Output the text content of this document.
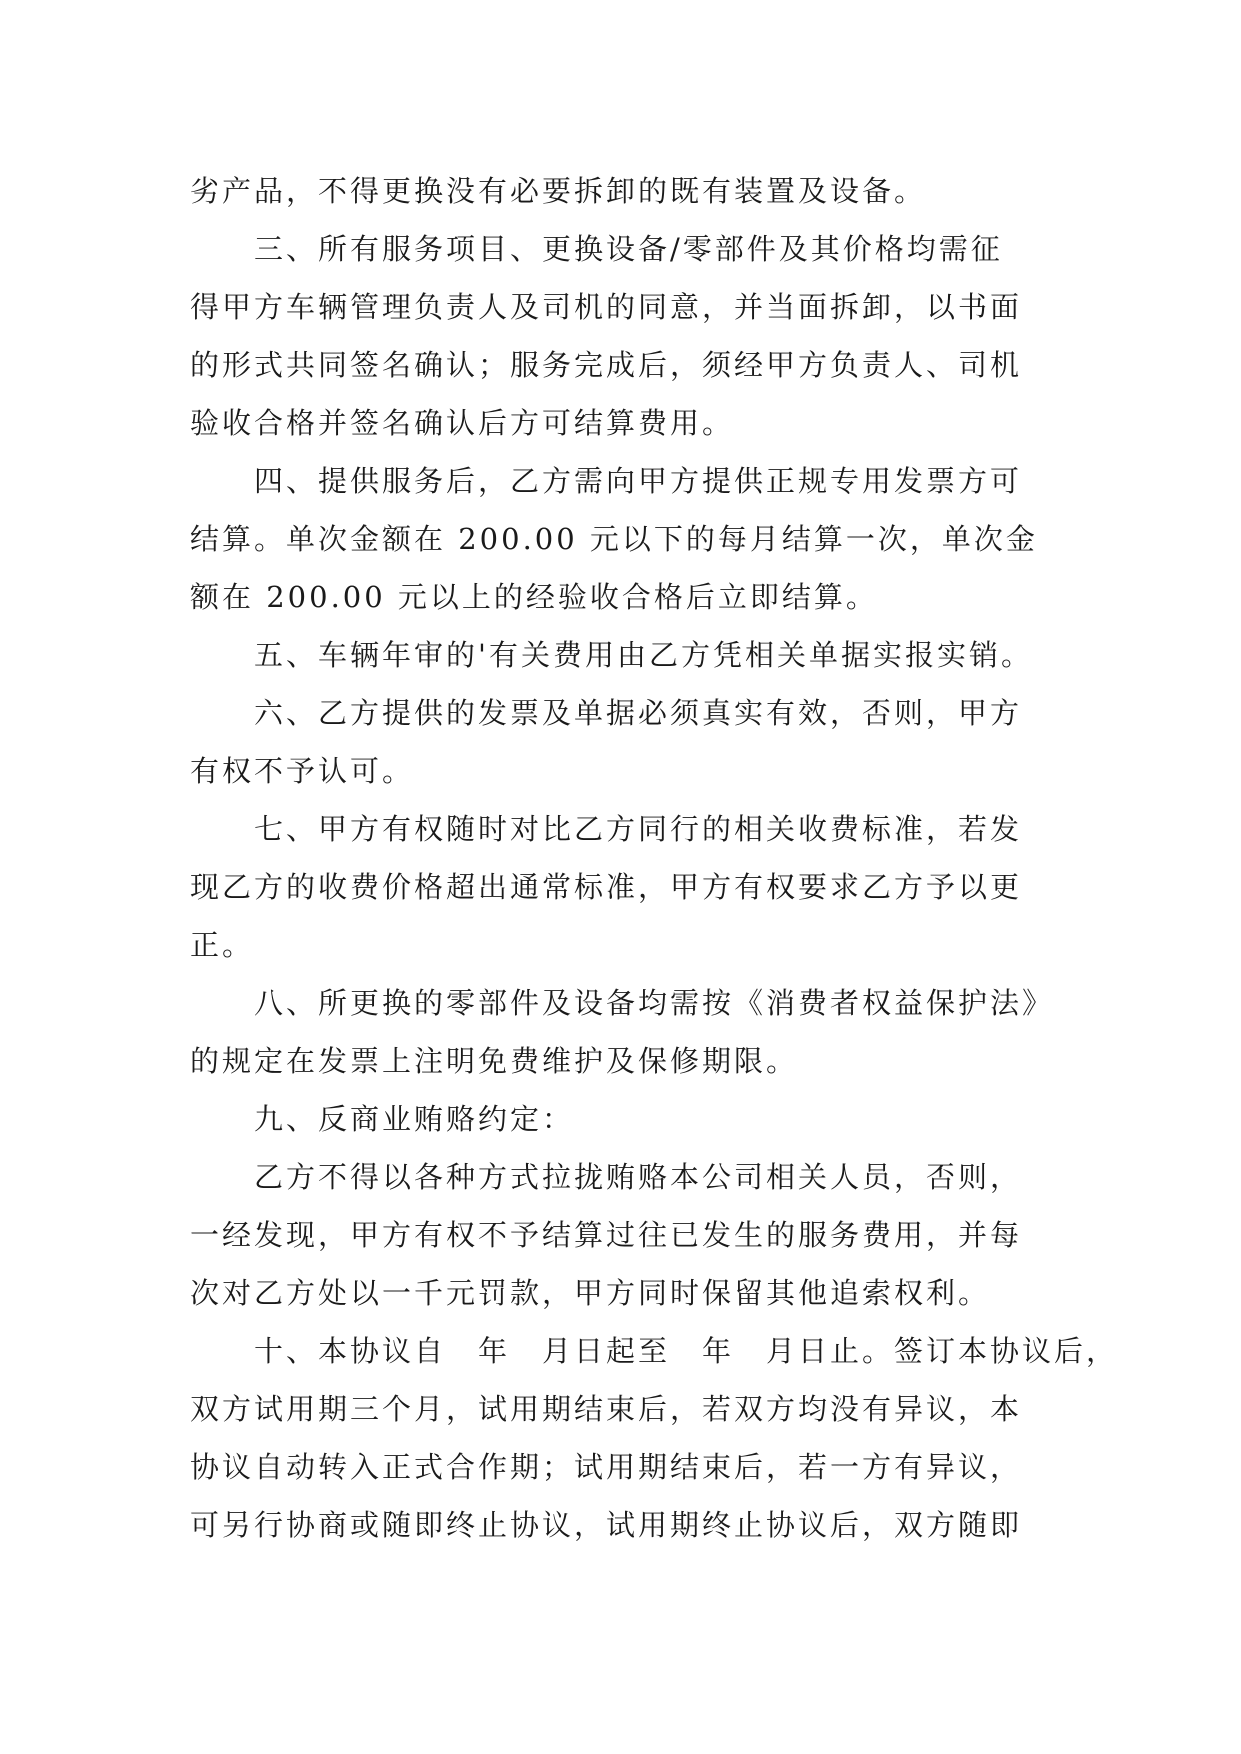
劣产品，不得更换没有必要拆卸的既有装置及设备。
　　三、所有服务项目、更换设备/零部件及其价格均需征
得甲方车辆管理负责人及司机的同意，并当面拆卸，以书面
的形式共同签名确认；服务完成后，须经甲方负责人、司机
验收合格并签名确认后方可结算费用。
　　四、提供服务后，乙方需向甲方提供正规专用发票方可
结算。单次金额在 200.00 元以下的每月结算一次，单次金
额在 200.00 元以上的经验收合格后立即结算。
　　五、车辆年审的'有关费用由乙方凭相关单据实报实销。
　　六、乙方提供的发票及单据必须真实有效，否则，甲方
有权不予认可。
　　七、甲方有权随时对比乙方同行的相关收费标准，若发
现乙方的收费价格超出通常标准，甲方有权要求乙方予以更
正。
　　八、所更换的零部件及设备均需按《消费者权益保护法》
的规定在发票上注明免费维护及保修期限。
　　九、反商业贿赂约定：
　　乙方不得以各种方式拉拢贿赂本公司相关人员，否则，
一经发现，甲方有权不予结算过往已发生的服务费用，并每
次对乙方处以一千元罚款，甲方同时保留其他追索权利。
　　十、本协议自　年　月日起至　年　月日止。签订本协议后，
双方试用期三个月，试用期结束后，若双方均没有异议，本
协议自动转入正式合作期；试用期结束后，若一方有异议，
可另行协商或随即终止协议，试用期终止协议后，双方随即
